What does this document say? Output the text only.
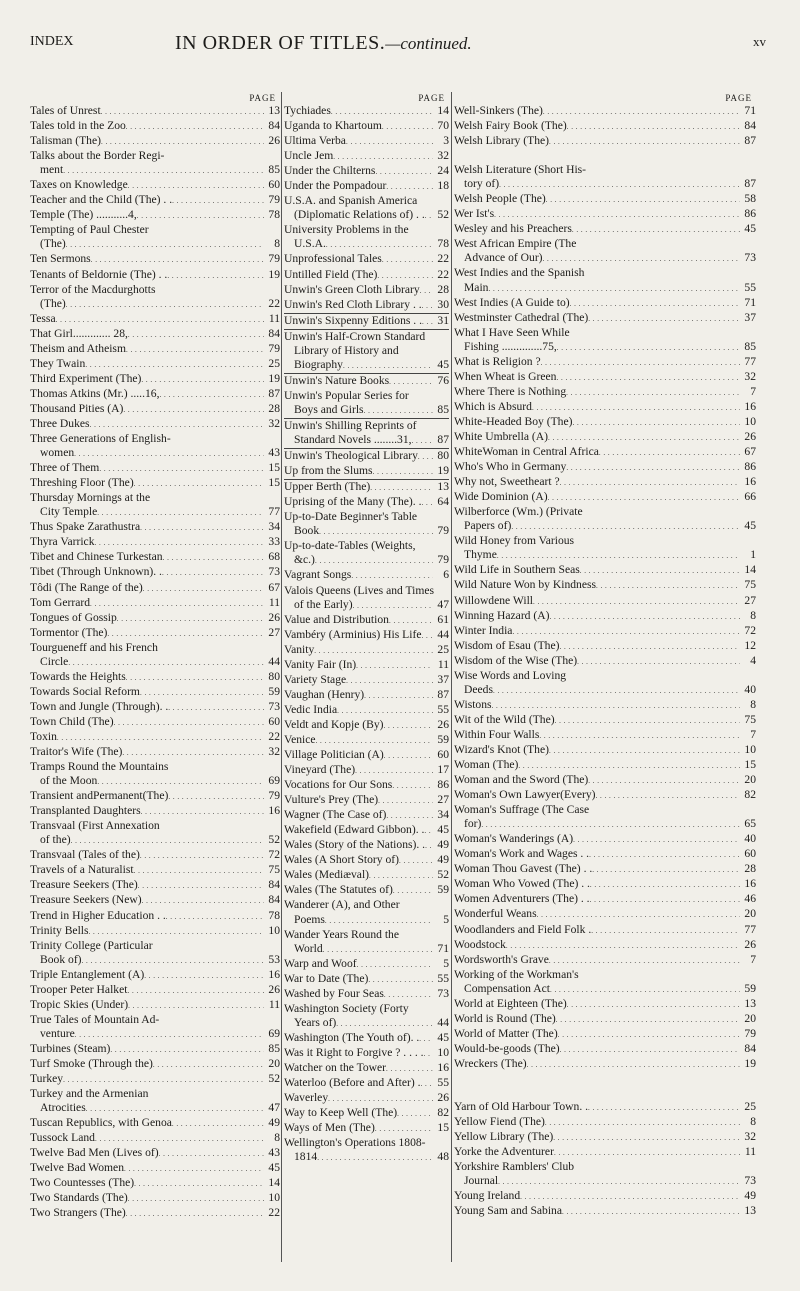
INDEX	IN ORDER OF TITLES.—continued.	xv
PAGE
Tales of Unrest . . .	13
Tales told in the Zoo . . .	84
Talisman (The) . . .	26
Talks about the Border Regi-
ment . . .	85
Taxes on Knowledge . . .	60
Teacher and the Child (The) . . . . .	79
Temple (The) ...........4, . . .	78
Tempting of Paul Chester
(The) . . .	8
Ten Sermons . . .	79
Tenants of Beldornie (The) . . . . .	19
Terror of the Macdurghotts
(The) . . .	22
Tessa . . .	11
That Girl............. 28, . . .	84
Theism and Atheism . . .	79
They Twain . . .	25
Third Experiment (The) . . .	19
Thomas Atkins (Mr.) .....16, . . .	87
Thousand Pities (A) . . .	28
Three Dukes . . .	32
Three Generations of English-
women . . .	43
Three of Them . . .	15
Threshing Floor (The) . . .	15
Thursday Mornings at the
City Temple . . .	77
Thus Spake Zarathustra . . .	34
Thyra Varrick . . .	33
Tibet and Chinese Turkestan . . .	68
Tibet (Through Unknown). . . . .	73
Tôdi (The Range of the) . . .	67
Tom Gerrard . . .	11
Tongues of Gossip . . .	26
Tormentor (The) . . .	27
Tourgueneff and his French
Circle . . .	44
Towards the Heights . . .	80
Towards Social Reform . . .	59
Town and Jungle (Through). . . . .	73
Town Child (The) . . .	60
Toxin . . .	22
Traitor's Wife (The) . . .	32
Tramps Round the Mountains
of the Moon . . .	69
Transient andPermanent(The) . . .	79
Transplanted Daughters . . .	16
Transvaal (First Annexation
of the) . . .	52
Transvaal (Tales of the) . . .	72
Travels of a Naturalist . . .	75
Treasure Seekers (The) . . .	84
Treasure Seekers (New) . . .	84
Trend in Higher Education . . . . .	78
Trinity Bells . . .	10
Trinity College (Particular
Book of) . . .	53
Triple Entanglement (A) . . .	16
Trooper Peter Halket . . .	26
Tropic Skies (Under) . . .	11
True Tales of Mountain Ad-
venture . . .	69
Turbines (Steam) . . .	85
Turf Smoke (Through the) . . .	20
Turkey . . .	52
Turkey and the Armenian
Atrocities . . .	47
Tuscan Republics, with Genoa . . .	49
Tussock Land . . .	8
Twelve Bad Men (Lives of) . . .	43
Twelve Bad Women . . .	45
Two Countesses (The) . . .	14
Two Standards (The) . . .	10
Two Strangers (The) . . .	22
PAGE
Tychiades . . .	14
Uganda to Khartoum . . .	70
Ultima Verba . . .	3
Uncle Jem . . .	32
Under the Chilterns . . .	24
Under the Pompadour . . .	18
U.S.A. and Spanish America
(Diplomatic Relations of) . . . . .	52
University Problems in the
U.S.A. . . .	78
Unprofessional Tales . . .	22
Untilled Field (The) . . .	22
Unwin's Green Cloth Library . . .	28
Unwin's Red Cloth Library . . . . .	30
Unwin's Sixpenny Editions . . . . .	31
Unwin's Half-Crown Standard
Library of History and
Biography . . .	45
Unwin's Nature Books . . .	76
Unwin's Popular Series for
Boys and Girls . . .	85
Unwin's Shilling Reprints of
Standard Novels ........31, . . .	87
Unwin's Theological Library . . .	80
Up from the Slums . . .	19
Upper Berth (The) . . .	13
Uprising of the Many (The). . . . .	64
Up-to-Date Beginner's Table
Book . . .	79
Up-to-date-Tables (Weights,
&c.) . . .	79
Vagrant Songs . . .	6
Valois Queens (Lives and Times
of the Early) . . .	47
Value and Distribution . . .	61
Vambéry (Arminius) His Life . . .	44
Vanity . . .	25
Vanity Fair (In) . . .	11
Variety Stage . . .	37
Vaughan (Henry) . . .	87
Vedic India . . .	55
Veldt and Kopje (By) . . .	26
Venice . . .	59
Village Politician (A) . . .	60
Vineyard (The) . . .	17
Vocations for Our Sons . . .	86
Vulture's Prey (The) . . .	27
Wagner (The Case of) . . .	34
Wakefield (Edward Gibbon). . . . .	45
Wales (Story of the Nations). . . . .	49
Wales (A Short Story of) . . .	49
Wales (Mediæval) . . .	52
Wales (The Statutes of) . . .	59
Wanderer (A), and Other
Poems . . .	5
Wander Years Round the
World . . .	71
Warp and Woof . . .	5
War to Date (The) . . .	55
Washed by Four Seas . . .	73
Washington Society (Forty
Years of) . . .	44
Washington (The Youth of). . . . .	45
Was it Right to Forgive ? . . . . . . .	10
Watcher on the Tower . . .	16
Waterloo (Before and After) . . . .	55
Waverley . . .	26
Way to Keep Well (The) . . .	82
Ways of Men (The) . . .	15
Wellington's Operations 1808-
1814 . . .	48
PAGE
Well-Sinkers (The) . . .	71
Welsh Fairy Book (The) . . .	84
Welsh Library (The) . . .	87
Welsh Literature (Short His-
tory of) . . .	87
Welsh People (The) . . .	58
Wer Ist's . . .	86
Wesley and his Preachers . . .	45
West African Empire (The
Advance of Our) . . .	73
West Indies and the Spanish
Main . . .	55
West Indies (A Guide to) . . .	71
Westminster Cathedral (The) . . .	37
What I Have Seen While
Fishing ..............75, . . .	85
What is Religion ? . . .	77
When Wheat is Green . . .	32
Where There is Nothing . . .	7
Which is Absurd . . .	16
White-Headed Boy (The) . . .	10
White Umbrella (A) . . .	26
WhiteWoman in Central Africa . . .	67
Who's Who in Germany . . .	86
Why not, Sweetheart ? . . .	16
Wide Dominion (A) . . .	66
Wilberforce (Wm.) (Private
Papers of) . . .	45
Wild Honey from Various
Thyme . . .	1
Wild Life in Southern Seas . . .	14
Wild Nature Won by Kindness . . .	75
Willowdene Will . . .	27
Winning Hazard (A) . . .	8
Winter India . . .	72
Wisdom of Esau (The) . . .	12
Wisdom of the Wise (The) . . .	4
Wise Words and Loving
Deeds . . .	40
Wistons . . .	8
Wit of the Wild (The) . . .	75
Within Four Walls . . .	7
Wizard's Knot (The) . . .	10
Woman (The) . . .	15
Woman and the Sword (The) . . .	20
Woman's Own Lawyer(Every) . . .	82
Woman's Suffrage (The Case
for) . . .	65
Woman's Wanderings (A) . . .	40
Woman's Work and Wages . . . . .	60
Woman Thou Gavest (The) . . . . .	28
Woman Who Vowed (The) . . . . .	16
Women Adventurers (The) . . . . .	46
Wonderful Weans . . .	20
Woodlanders and Field Folk . . . .	77
Woodstock . . .	26
Wordsworth's Grave . . .	7
Working of the Workman's
Compensation Act . . .	59
World at Eighteen (The) . . .	13
World is Round (The) . . .	20
World of Matter (The) . . .	79
Would-be-goods (The) . . .	84
Wreckers (The) . . .	19
Yarn of Old Harbour Town. . . . .	25
Yellow Fiend (The) . . .	8
Yellow Library (The) . . .	32
Yorke the Adventurer . . .	11
Yorkshire Ramblers' Club
Journal . . .	73
Young Ireland . . .	49
Young Sam and Sabina . . .	13
